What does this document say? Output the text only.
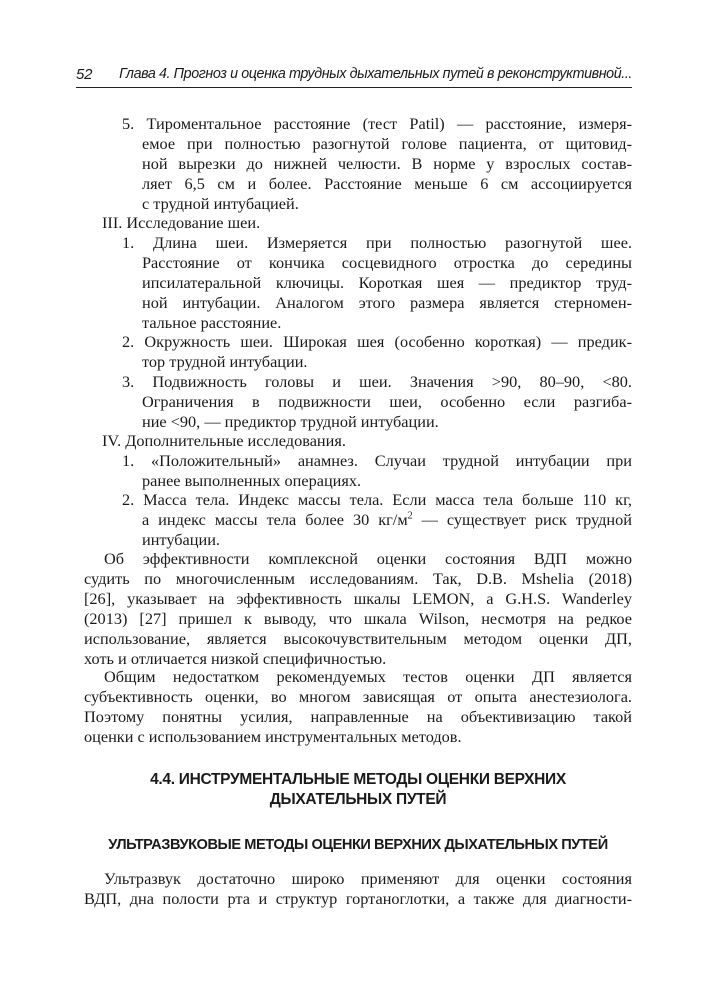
52 Глава 4. Прогноз и оценка трудных дыхательных путей в реконструктивной...
5. Тироментальное расстояние (тест Patil) — расстояние, измеря-
емое при полностью разогнутой голове пациента, от щитовид-
ной вырезки до нижней челюсти. В норме у взрослых состав-
ляет 6,5 см и более. Расстояние меньше 6 см ассоциируется
с трудной интубацией.
III. Исследование шеи.
1. Длина шеи. Измеряется при полностью разогнутой шее.
Расстояние от кончика сосцевидного отростка до середины
ипсилатеральной ключицы. Короткая шея — предиктор труд-
ной интубации. Аналогом этого размера является стерномен-
тальное расстояние.
2. Окружность шеи. Широкая шея (особенно короткая) — предик-
тор трудной интубации.
3. Подвижность головы и шеи. Значения >90, 80–90, <80.
Ограничения в подвижности шеи, особенно если разгиба-
ние <90, — предиктор трудной интубации.
IV. Дополнительные исследования.
1. «Положительный» анамнез. Случаи трудной интубации при
ранее выполненных операциях.
2. Масса тела. Индекс массы тела. Если масса тела больше 110 кг,
а индекс массы тела более 30 $кг/м^2$ — существует риск трудной
интубации.
Об эффективности комплексной оценки состояния ВДП можно
судить по многочисленным исследованиям. Так, D.B. Mshelia (2018)
[26], указывает на эффективность шкалы LEMON, а G.H.S. Wanderley
(2013) [27] пришел к выводу, что шкала Wilson, несмотря на редкое
использование, является высокочувствительным методом оценки ДП,
хоть и отличается низкой специфичностью.
Общим недостатком рекомендуемых тестов оценки ДП является
субъективность оценки, во многом зависящая от опыта анестезиолога.
Поэтому понятны усилия, направленные на объективизацию такой
оценки с использованием инструментальных методов.
4.4. ИНСТРУМЕНТАЛЬНЫЕ МЕТОДЫ ОЦЕНКИ ВЕРХНИХ
ДЫХАТЕЛЬНЫХ ПУТЕЙ
УЛЬТРАЗВУКОВЫЕ МЕТОДЫ ОЦЕНКИ ВЕРХНИХ ДЫХАТЕЛЬНЫХ ПУТЕЙ
Ультразвук достаточно широко применяют для оценки состояния
ВДП, дна полости рта и структур гортаноглотки, а также для диагности-
